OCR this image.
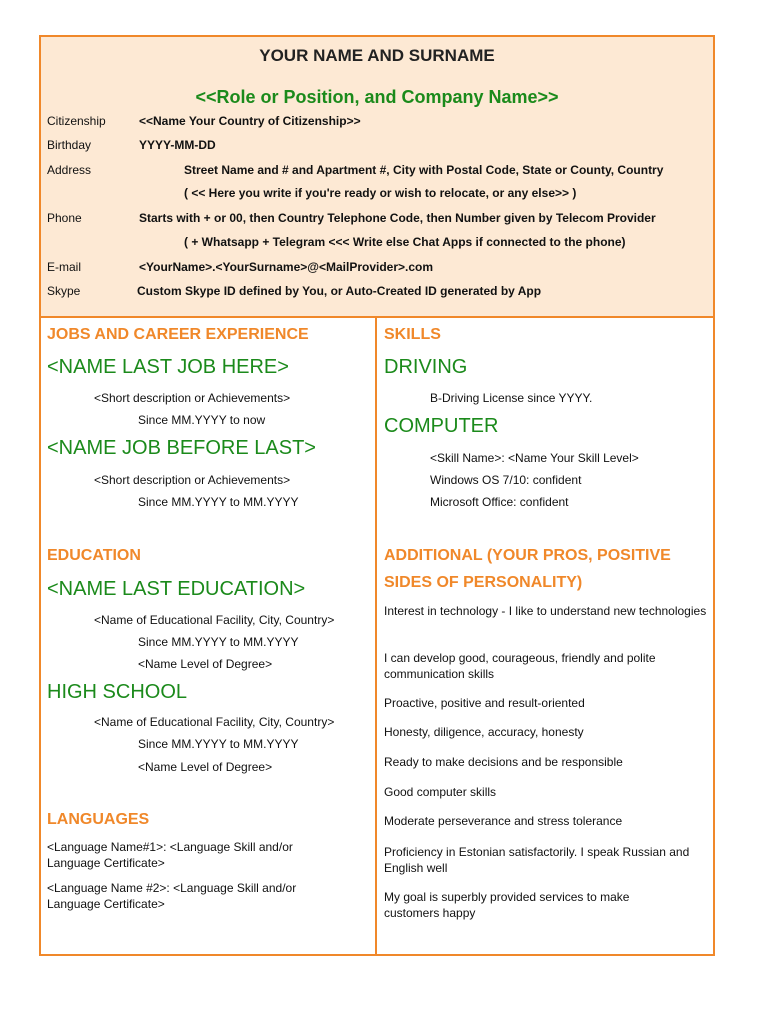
YOUR NAME AND SURNAME
<<Role or Position, and Company Name>>
Citizenship	<<Name Your Country of Citizenship>>
Birthday	YYYY-MM-DD
Address	Street Name and # and Apartment #, City with Postal Code, State or County, Country
( << Here you write if you're ready or wish to relocate, or any else>> )
Phone	Starts with + or 00, then Country Telephone Code, then Number given by Telecom Provider
( + Whatsapp + Telegram <<< Write else Chat Apps if connected to the phone)
E-mail	<YourName>.<YourSurname>@<MailProvider>.com
Skype	Custom Skype ID defined by You, or Auto-Created ID generated by App
JOBS AND CAREER EXPERIENCE
<NAME LAST JOB HERE>
<Short description or Achievements>
Since MM.YYYY to now
<NAME JOB BEFORE LAST>
<Short description or Achievements>
Since MM.YYYY to MM.YYYY
EDUCATION
<NAME LAST EDUCATION>
<Name of Educational Facility, City, Country>
Since MM.YYYY to MM.YYYY
<Name Level of Degree>
HIGH SCHOOL
<Name of Educational Facility, City, Country>
Since MM.YYYY to MM.YYYY
<Name Level of Degree>
LANGUAGES
<Language Name#1>: <Language Skill and/or Language Certificate>
<Language Name #2>: <Language Skill and/or Language Certificate>
SKILLS
DRIVING
B-Driving License since YYYY.
COMPUTER
<Skill Name>: <Name Your Skill Level>
Windows OS 7/10: confident
Microsoft Office: confident
ADDITIONAL (YOUR PROS, POSITIVE
SIDES OF PERSONALITY)
Interest in technology - I like to understand new technologies
I can develop good, courageous, friendly and polite communication skills
Proactive, positive and result-oriented
Honesty, diligence, accuracy, honesty
Ready to make decisions and be responsible
Good computer skills
Moderate perseverance and stress tolerance
Proficiency in Estonian satisfactorily. I speak Russian and English well
My goal is superbly provided services to make customers happy
